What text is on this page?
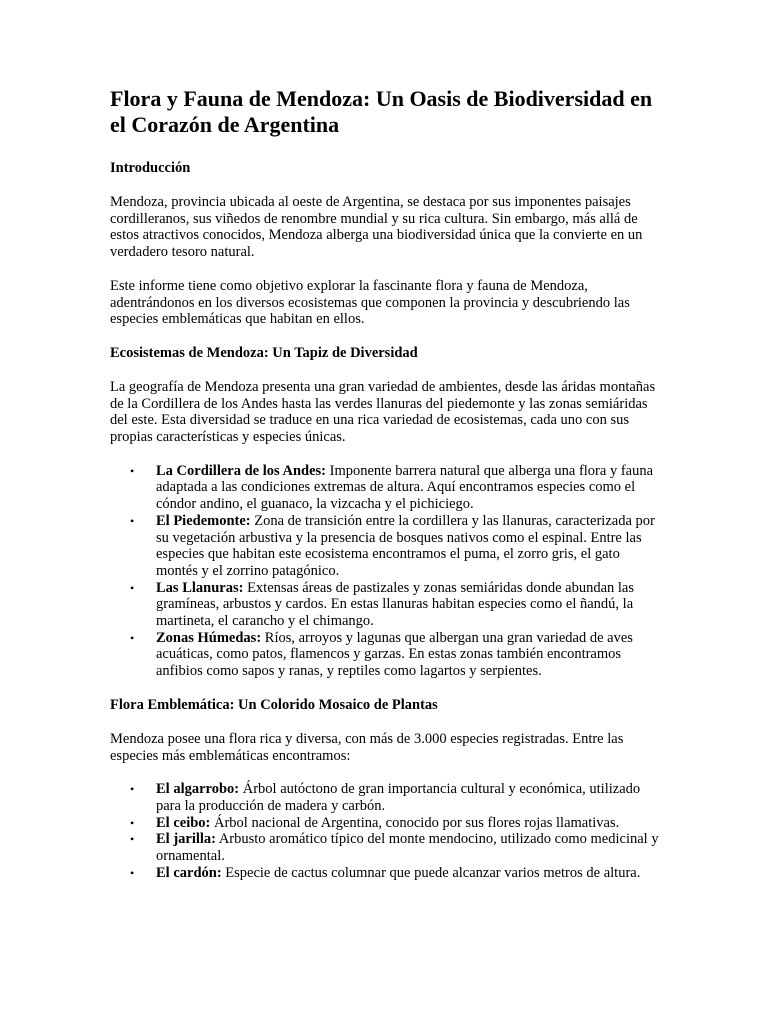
Flora y Fauna de Mendoza: Un Oasis de Biodiversidad en el Corazón de Argentina
Introducción

Mendoza, provincia ubicada al oeste de Argentina, se destaca por sus imponentes paisajes cordilleranos, sus viñedos de renombre mundial y su rica cultura. Sin embargo, más allá de estos atractivos conocidos, Mendoza alberga una biodiversidad única que la convierte en un verdadero tesoro natural.

Este informe tiene como objetivo explorar la fascinante flora y fauna de Mendoza, adentrándonos en los diversos ecosistemas que componen la provincia y descubriendo las especies emblemáticas que habitan en ellos.

Ecosistemas de Mendoza: Un Tapiz de Diversidad

La geografía de Mendoza presenta una gran variedad de ambientes, desde las áridas montañas de la Cordillera de los Andes hasta las verdes llanuras del piedemonte y las zonas semiáridas del este. Esta diversidad se traduce en una rica variedad de ecosistemas, cada uno con sus propias características y especies únicas.

• La Cordillera de los Andes: Imponente barrera natural que alberga una flora y fauna adaptada a las condiciones extremas de altura. Aquí encontramos especies como el cóndor andino, el guanaco, la vizcacha y el pichiciego.
• El Piedemonte: Zona de transición entre la cordillera y las llanuras, caracterizada por su vegetación arbustiva y la presencia de bosques nativos como el espinal. Entre las especies que habitan este ecosistema encontramos el puma, el zorro gris, el gato montés y el zorrino patagónico.
• Las Llanuras: Extensas áreas de pastizales y zonas semiáridas donde abundan las gramíneas, arbustos y cardos. En estas llanuras habitan especies como el ñandú, la martineta, el carancho y el chimango.
• Zonas Húmedas: Ríos, arroyos y lagunas que albergan una gran variedad de aves acuáticas, como patos, flamencos y garzas. En estas zonas también encontramos anfibios como sapos y ranas, y reptiles como lagartos y serpientes.
Flora Emblemática: Un Colorido Mosaico de Plantas

Mendoza posee una flora rica y diversa, con más de 3.000 especies registradas. Entre las especies más emblemáticas encontramos:

• El algarrobo: Árbol autóctono de gran importancia cultural y económica, utilizado para la producción de madera y carbón.
• El ceibo: Árbol nacional de Argentina, conocido por sus flores rojas llamativas.
• El jarilla: Arbusto aromático típico del monte mendocino, utilizado como medicinal y ornamental.
• El cardón: Especie de cactus columnar que puede alcanzar varios metros de altura.
